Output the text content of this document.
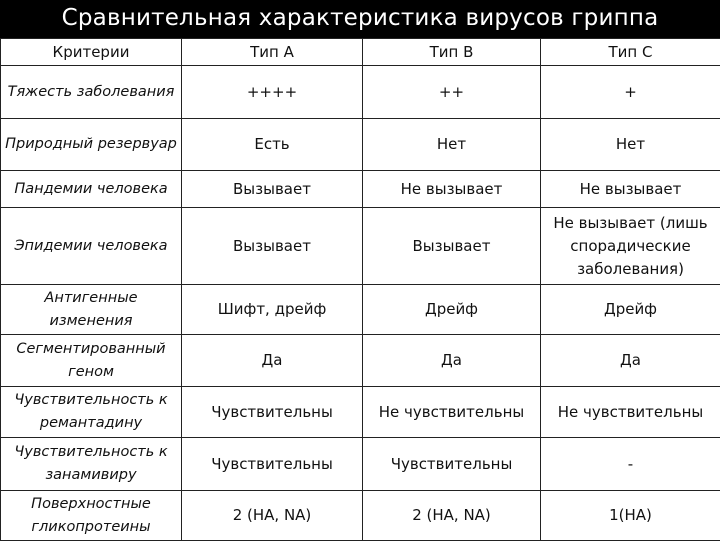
Сравнительная характеристика вирусов гриппа
Критерии	Тип А	Тип В	Тип С
Тяжесть заболевания	++++	++	+
Природный резервуар	Есть	Нет	Нет
Пандемии человека	Вызывает	Не вызывает	Не вызывает
Эпидемии человека	Вызывает	Вызывает	Не вызывает (лишь спорадические заболевания)
Антигенные изменения	Шифт, дрейф	Дрейф	Дрейф
Сегментированный геном	Да	Да	Да
Чувствительность к ремантадину	Чувствительны	Не чувствительны	Не чувствительны
Чувствительность к занамивиру	Чувствительны	Чувствительны	-
Поверхностные гликопротеины	2 (НА, NA)	2 (НА, NA)	1(НА)
